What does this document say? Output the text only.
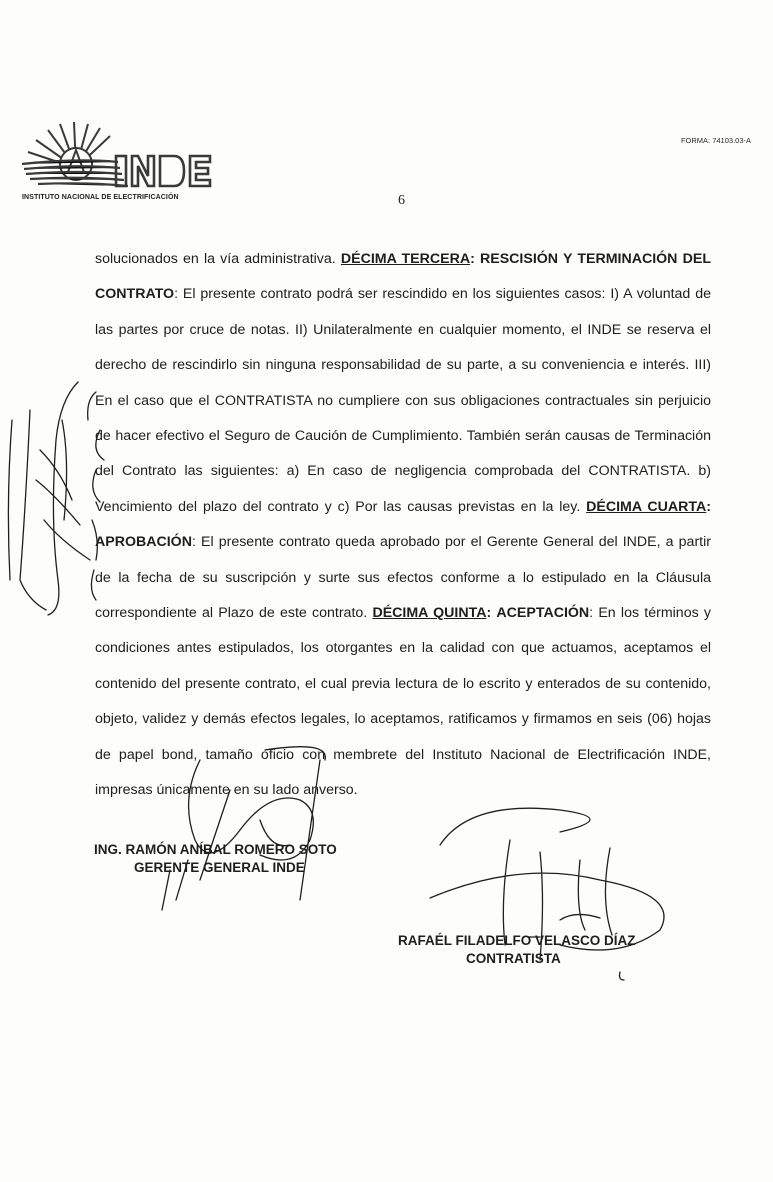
INSTITUTO NACIONAL DE ELECTRIFICACIÓN
FORMA: 74103.03-A
6

solucionados en la vía administrativa. DÉCIMA TERCERA: RESCISIÓN Y TERMINACIÓN DEL CONTRATO: El presente contrato podrá ser rescindido en los siguientes casos: I) A voluntad de las partes por cruce de notas. II) Unilateralmente en cualquier momento, el INDE se reserva el derecho de rescindirlo sin ninguna responsabilidad de su parte, a su conveniencia e interés. III) En el caso que el CONTRATISTA no cumpliere con sus obligaciones contractuales sin perjuicio de hacer efectivo el Seguro de Caución de Cumplimiento. También serán causas de Terminación del Contrato las siguientes: a) En caso de negligencia comprobada del CONTRATISTA. b) Vencimiento del plazo del contrato y c) Por las causas previstas en la ley. DÉCIMA CUARTA: APROBACIÓN: El presente contrato queda aprobado por el Gerente General del INDE, a partir de la fecha de su suscripción y surte sus efectos conforme a lo estipulado en la Cláusula correspondiente al Plazo de este contrato. DÉCIMA QUINTA: ACEPTACIÓN: En los términos y condiciones antes estipulados, los otorgantes en la calidad con que actuamos, aceptamos el contenido del presente contrato, el cual previa lectura de lo escrito y enterados de su contenido, objeto, validez y demás efectos legales, lo aceptamos, ratificamos y firmamos en seis (06) hojas de papel bond, tamaño oficio con membrete del Instituto Nacional de Electrificación INDE, impresas únicamente en su lado anverso.

ING. RAMÓN ANÍBAL ROMERO SOTO
GERENTE GENERAL INDE
RAFAÉL FILADELFO VELASCO DÍAZ
CONTRATISTA
